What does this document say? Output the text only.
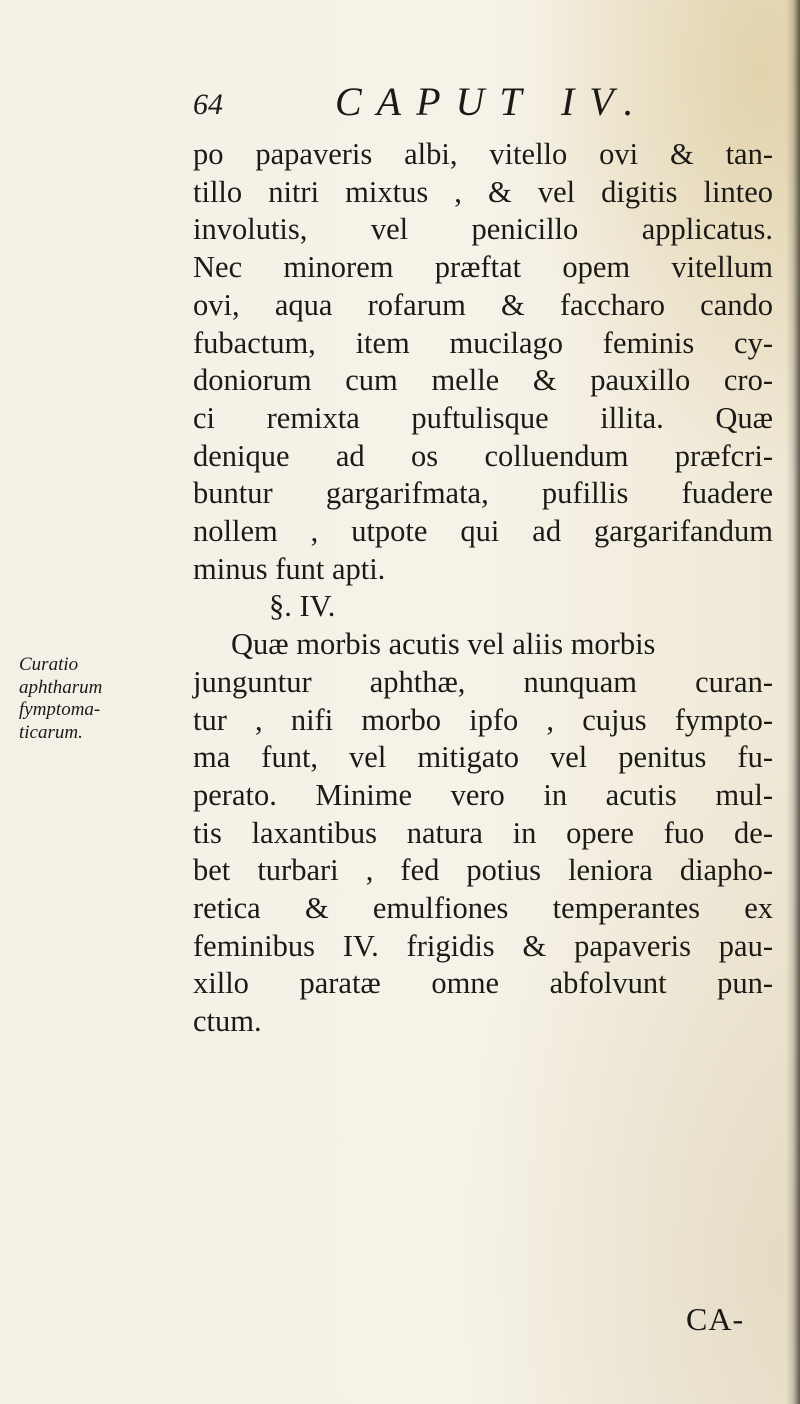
64	CAPUT IV.
Curatio
aphtharum
fymptoma-
ticarum.
po papaveris albi, vitello ovi & tan-
tillo nitri mixtus , & vel digitis linteo
involutis, vel penicillo applicatus.
Nec minorem præftat opem vitellum
ovi, aqua rofarum & faccharo cando
fubactum, item mucilago feminis cy-
doniorum cum melle & pauxillo cro-
ci remixta puftulisque illita. Quæ
denique ad os colluendum præfcri-
buntur gargarifmata, pufillis fuadere
nollem , utpote qui ad gargarifandum
minus funt apti.
§. IV.
Quæ morbis acutis vel aliis morbis
junguntur aphthæ, nunquam curan-
tur , nifi morbo ipfo , cujus fympto-
ma funt, vel mitigato vel penitus fu-
perato. Minime vero in acutis mul-
tis laxantibus natura in opere fuo de-
bet turbari , fed potius leniora diapho-
retica & emulfiones temperantes ex
feminibus IV. frigidis & papaveris pau-
xillo paratæ omne abfolvunt pun-
ctum.
CA-
